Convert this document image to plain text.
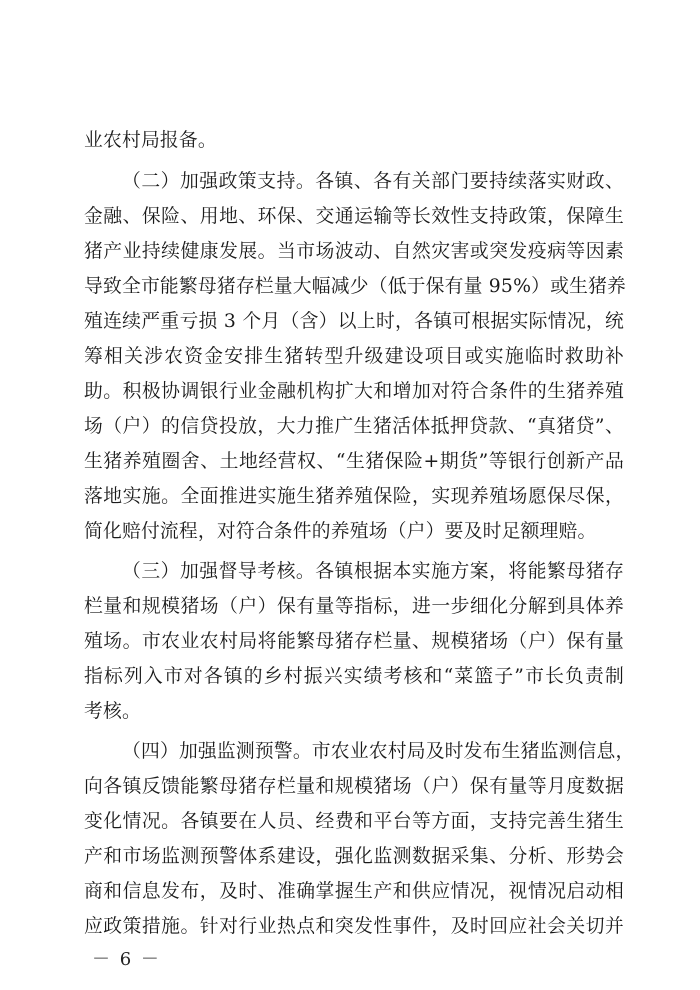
业农村局报备。
（二）加强政策支持。各镇、各有关部门要持续落实财政、
金融、保险、用地、环保、交通运输等长效性支持政策，保障生
猪产业持续健康发展。当市场波动、自然灾害或突发疫病等因素
导致全市能繁母猪存栏量大幅减少（低于保有量 95%）或生猪养
殖连续严重亏损 3 个月（含）以上时，各镇可根据实际情况，统
筹相关涉农资金安排生猪转型升级建设项目或实施临时救助补
助。积极协调银行业金融机构扩大和增加对符合条件的生猪养殖
场（户）的信贷投放，大力推广生猪活体抵押贷款、“真猪贷”、
生猪养殖圈舍、土地经营权、“生猪保险+期货”等银行创新产品
落地实施。全面推进实施生猪养殖保险，实现养殖场愿保尽保，
简化赔付流程，对符合条件的养殖场（户）要及时足额理赔。
（三）加强督导考核。各镇根据本实施方案，将能繁母猪存
栏量和规模猪场（户）保有量等指标，进一步细化分解到具体养
殖场。市农业农村局将能繁母猪存栏量、规模猪场（户）保有量
指标列入市对各镇的乡村振兴实绩考核和“菜篮子”市长负责制
考核。
（四）加强监测预警。市农业农村局及时发布生猪监测信息，
向各镇反馈能繁母猪存栏量和规模猪场（户）保有量等月度数据
变化情况。各镇要在人员、经费和平台等方面，支持完善生猪生
产和市场监测预警体系建设，强化监测数据采集、分析、形势会
商和信息发布，及时、准确掌握生产和供应情况，视情况启动相
应政策措施。针对行业热点和突发性事件，及时回应社会关切并
－ 6 －
